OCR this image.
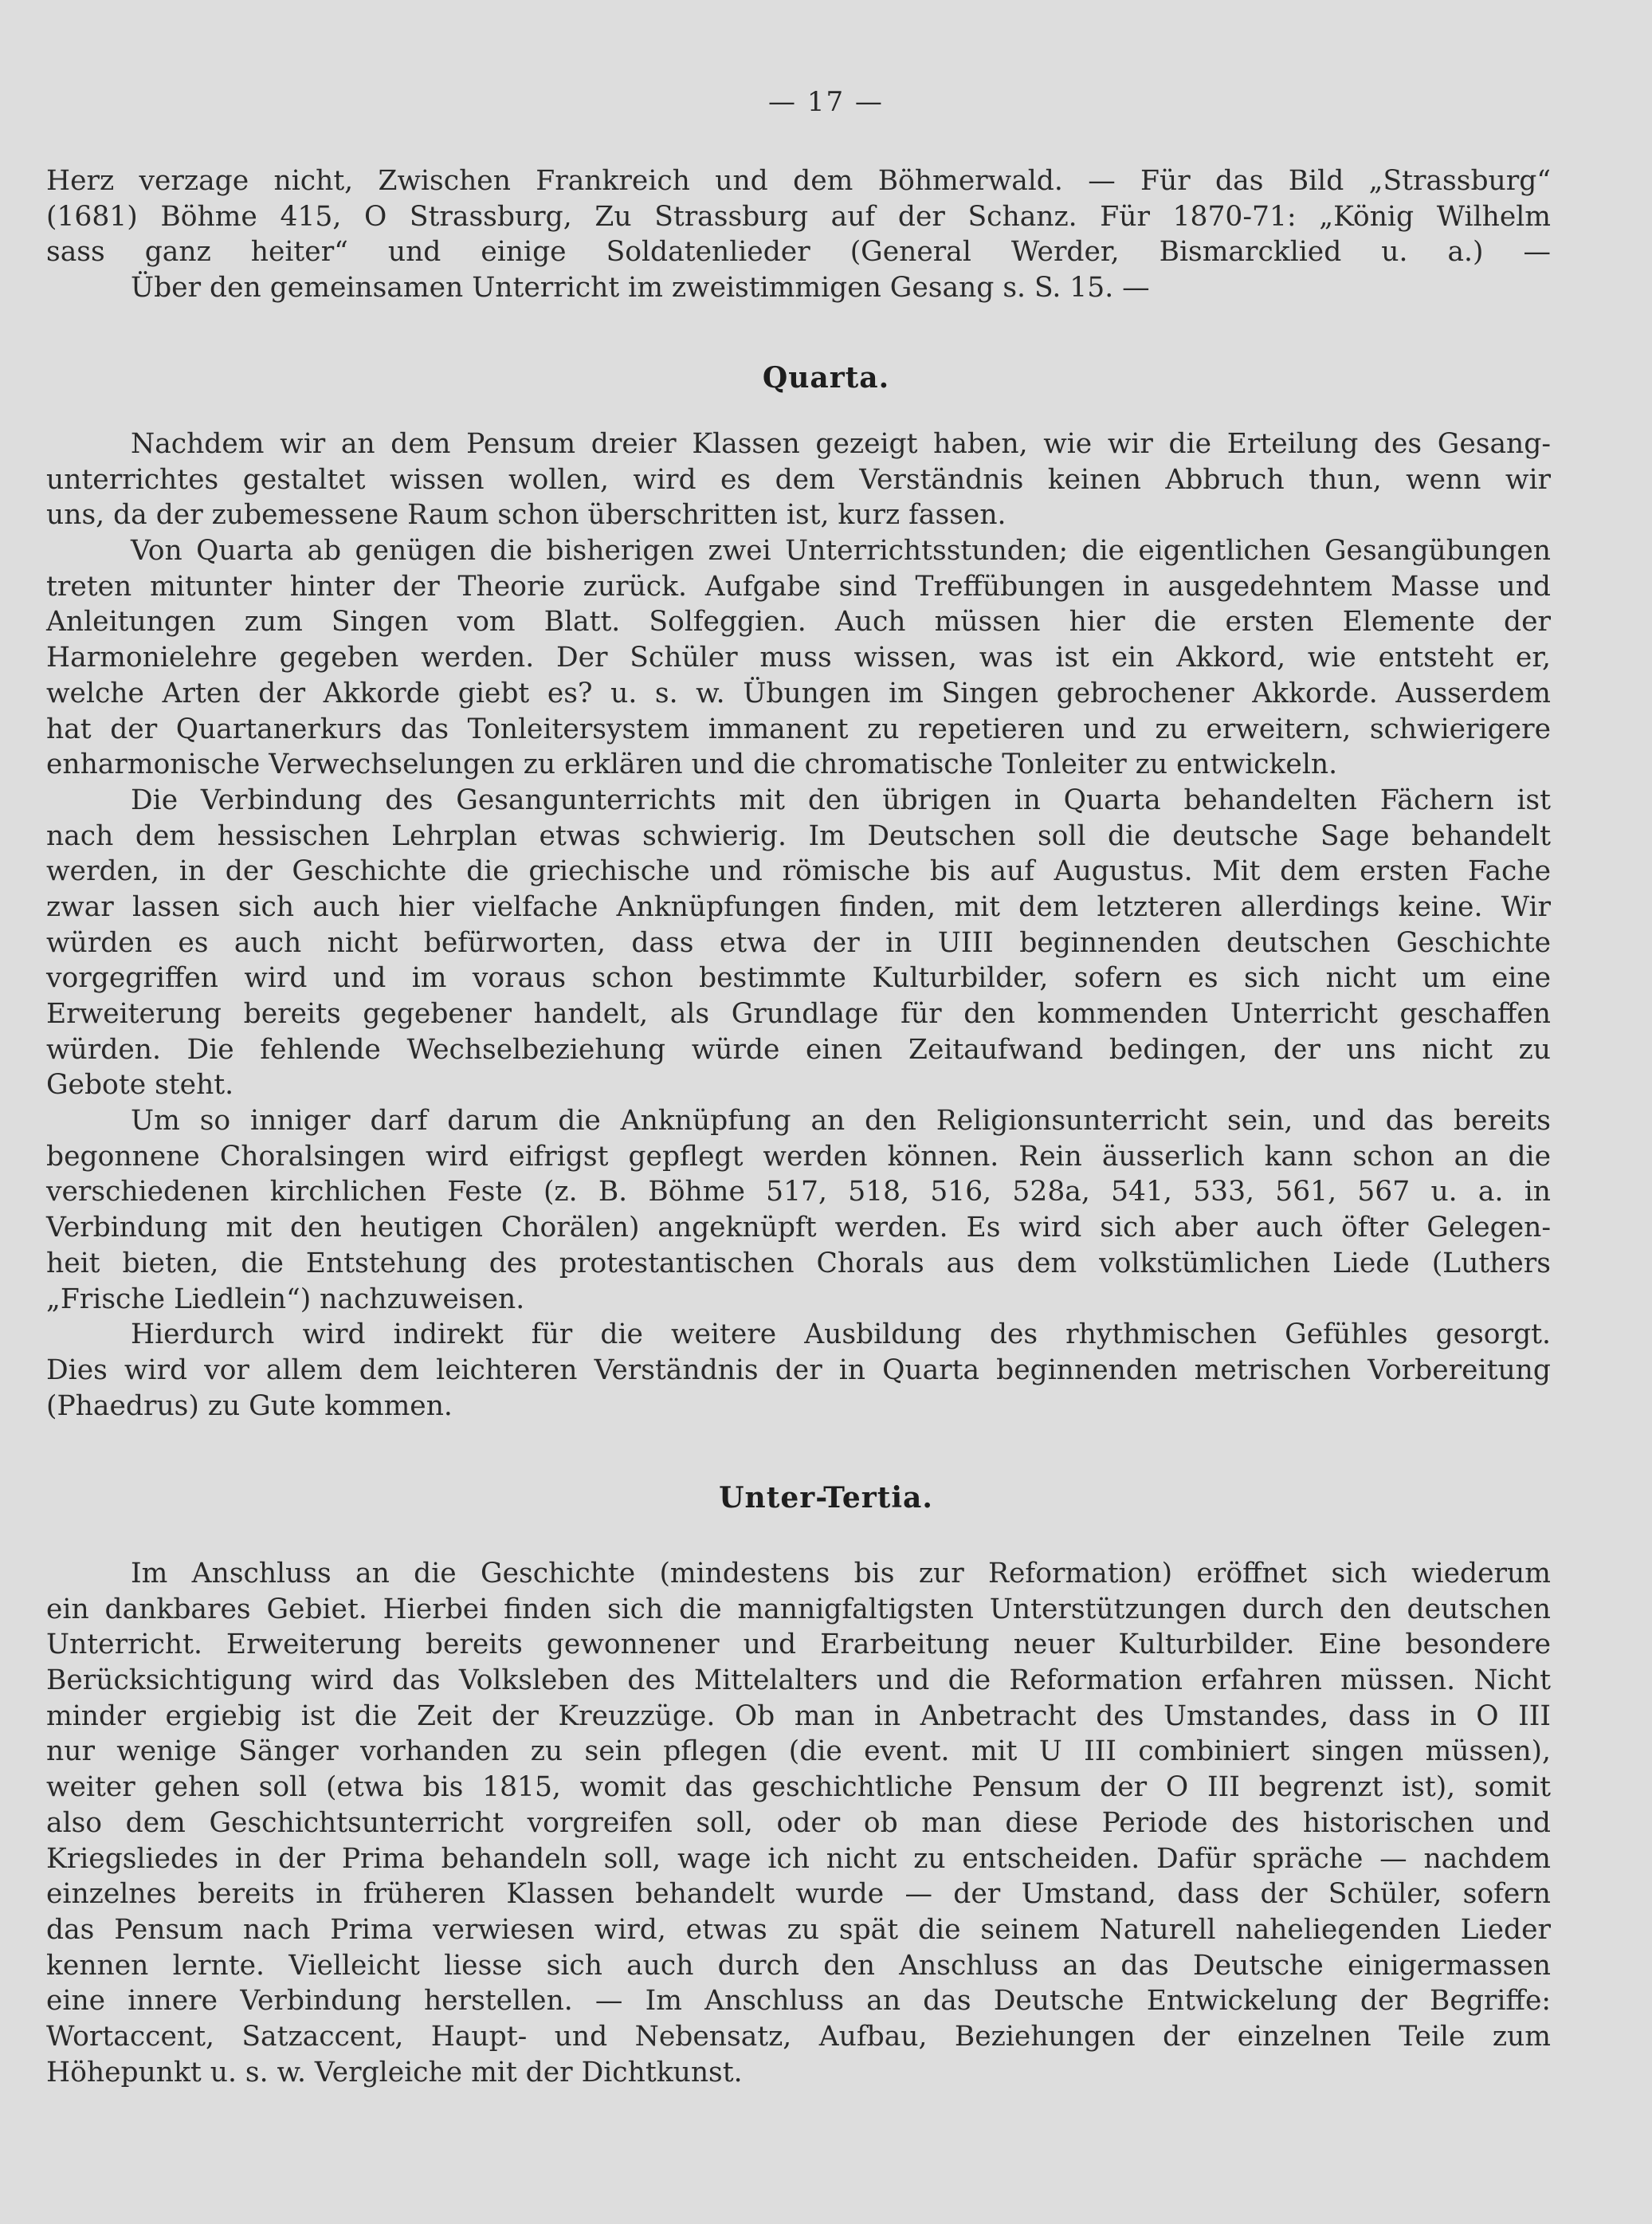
— 17 —
Herz verzage nicht, Zwischen Frankreich und dem Böhmerwald. — Für das Bild „Strassburg“
(1681) Böhme 415, O Strassburg, Zu Strassburg auf der Schanz. Für 1870-71: „König Wilhelm
sass ganz heiter“ und einige Soldatenlieder (General Werder, Bismarcklied u. a.) —
Über den gemeinsamen Unterricht im zweistimmigen Gesang s. S. 15. —
Quarta.
Nachdem wir an dem Pensum dreier Klassen gezeigt haben, wie wir die Erteilung des Gesang-
unterrichtes gestaltet wissen wollen, wird es dem Verständnis keinen Abbruch thun, wenn wir
uns, da der zubemessene Raum schon überschritten ist, kurz fassen.
Von Quarta ab genügen die bisherigen zwei Unterrichtsstunden; die eigentlichen Gesangübungen
treten mitunter hinter der Theorie zurück. Aufgabe sind Treffübungen in ausgedehntem Masse und
Anleitungen zum Singen vom Blatt. Solfeggien. Auch müssen hier die ersten Elemente der
Harmonielehre gegeben werden. Der Schüler muss wissen, was ist ein Akkord, wie entsteht er,
welche Arten der Akkorde giebt es? u. s. w. Übungen im Singen gebrochener Akkorde. Ausserdem
hat der Quartanerkurs das Tonleitersystem immanent zu repetieren und zu erweitern, schwierigere
enharmonische Verwechselungen zu erklären und die chromatische Tonleiter zu entwickeln.
Die Verbindung des Gesangunterrichts mit den übrigen in Quarta behandelten Fächern ist
nach dem hessischen Lehrplan etwas schwierig. Im Deutschen soll die deutsche Sage behandelt
werden, in der Geschichte die griechische und römische bis auf Augustus. Mit dem ersten Fache
zwar lassen sich auch hier vielfache Anknüpfungen finden, mit dem letzteren allerdings keine. Wir
würden es auch nicht befürworten, dass etwa der in UIII beginnenden deutschen Geschichte
vorgegriffen wird und im voraus schon bestimmte Kulturbilder, sofern es sich nicht um eine
Erweiterung bereits gegebener handelt, als Grundlage für den kommenden Unterricht geschaffen
würden. Die fehlende Wechselbeziehung würde einen Zeitaufwand bedingen, der uns nicht zu
Gebote steht.
Um so inniger darf darum die Anknüpfung an den Religionsunterricht sein, und das bereits
begonnene Choralsingen wird eifrigst gepflegt werden können. Rein äusserlich kann schon an die
verschiedenen kirchlichen Feste (z. B. Böhme 517, 518, 516, 528a, 541, 533, 561, 567 u. a. in
Verbindung mit den heutigen Chorälen) angeknüpft werden. Es wird sich aber auch öfter Gelegen-
heit bieten, die Entstehung des protestantischen Chorals aus dem volkstümlichen Liede (Luthers
„Frische Liedlein“) nachzuweisen.
Hierdurch wird indirekt für die weitere Ausbildung des rhythmischen Gefühles gesorgt.
Dies wird vor allem dem leichteren Verständnis der in Quarta beginnenden metrischen Vorbereitung
(Phaedrus) zu Gute kommen.
Unter-Tertia.
Im Anschluss an die Geschichte (mindestens bis zur Reformation) eröffnet sich wiederum
ein dankbares Gebiet. Hierbei finden sich die mannigfaltigsten Unterstützungen durch den deutschen
Unterricht. Erweiterung bereits gewonnener und Erarbeitung neuer Kulturbilder. Eine besondere
Berücksichtigung wird das Volksleben des Mittelalters und die Reformation erfahren müssen. Nicht
minder ergiebig ist die Zeit der Kreuzzüge. Ob man in Anbetracht des Umstandes, dass in O III
nur wenige Sänger vorhanden zu sein pflegen (die event. mit U III combiniert singen müssen),
weiter gehen soll (etwa bis 1815, womit das geschichtliche Pensum der O III begrenzt ist), somit
also dem Geschichtsunterricht vorgreifen soll, oder ob man diese Periode des historischen und
Kriegsliedes in der Prima behandeln soll, wage ich nicht zu entscheiden. Dafür spräche — nachdem
einzelnes bereits in früheren Klassen behandelt wurde — der Umstand, dass der Schüler, sofern
das Pensum nach Prima verwiesen wird, etwas zu spät die seinem Naturell naheliegenden Lieder
kennen lernte. Vielleicht liesse sich auch durch den Anschluss an das Deutsche einigermassen
eine innere Verbindung herstellen. — Im Anschluss an das Deutsche Entwickelung der Begriffe:
Wortaccent, Satzaccent, Haupt- und Nebensatz, Aufbau, Beziehungen der einzelnen Teile zum
Höhepunkt u. s. w. Vergleiche mit der Dichtkunst.
